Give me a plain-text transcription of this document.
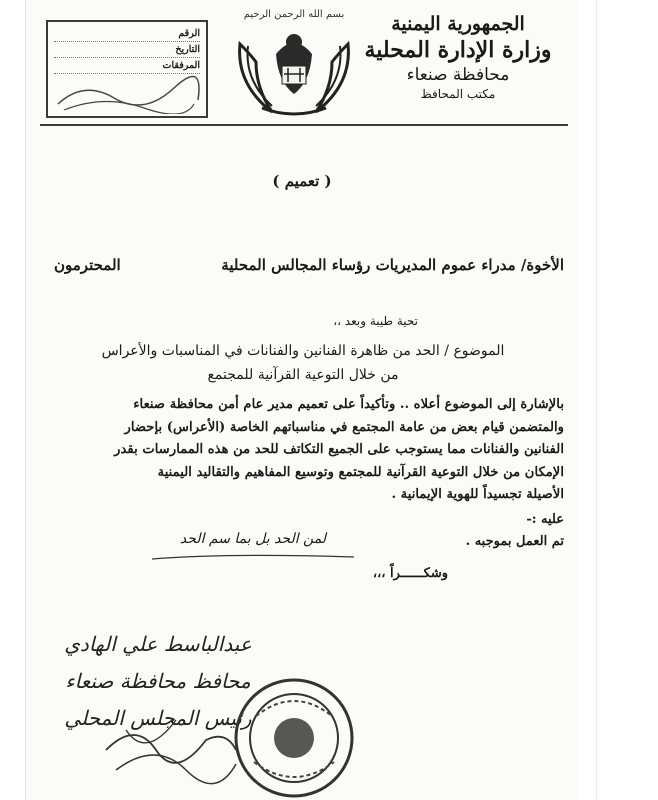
الجمهورية اليمنية
وزارة الإدارة المحلية
محافظة صنعاء
مكتب المحافظ
بسم الله الرحمن الرحيم
الرقم
التاريخ
المرفقات
( تعميم )
الأخوة/ مدراء عموم المديريات رؤساء المجالس المحلية
المحترمون
تحية طيبة وبعد ،،
الموضوع / الحد من ظاهرة الفنانين والفنانات في المناسبات والأعراس
من خلال التوعية القرآنية للمجتمع
بالإشارة إلى الموضوع أعلاه .. وتأكيداً على تعميم مدير عام أمن محافظة صنعاء
والمتضمن قيام بعض من عامة المجتمع في مناسباتهم الخاصة (الأعراس) بإحضار
الفنانين والفنانات مما يستوجب على الجميع التكاتف للحد من هذه الممارسات بقدر
الإمكان من خلال التوعية القرآنية للمجتمع وتوسيع المفاهيم والتقاليد اليمنية
الأصيلة تجسيداً للهوية الإيمانية .
عليه :-
تم العمل بموجبه .
وشكــــــراً ،،،
لمن الحد بل بما سم الحد
عبدالباسط علي الهادي
محافظ محافظة صنعاء
رئيس المجلس المحلي
